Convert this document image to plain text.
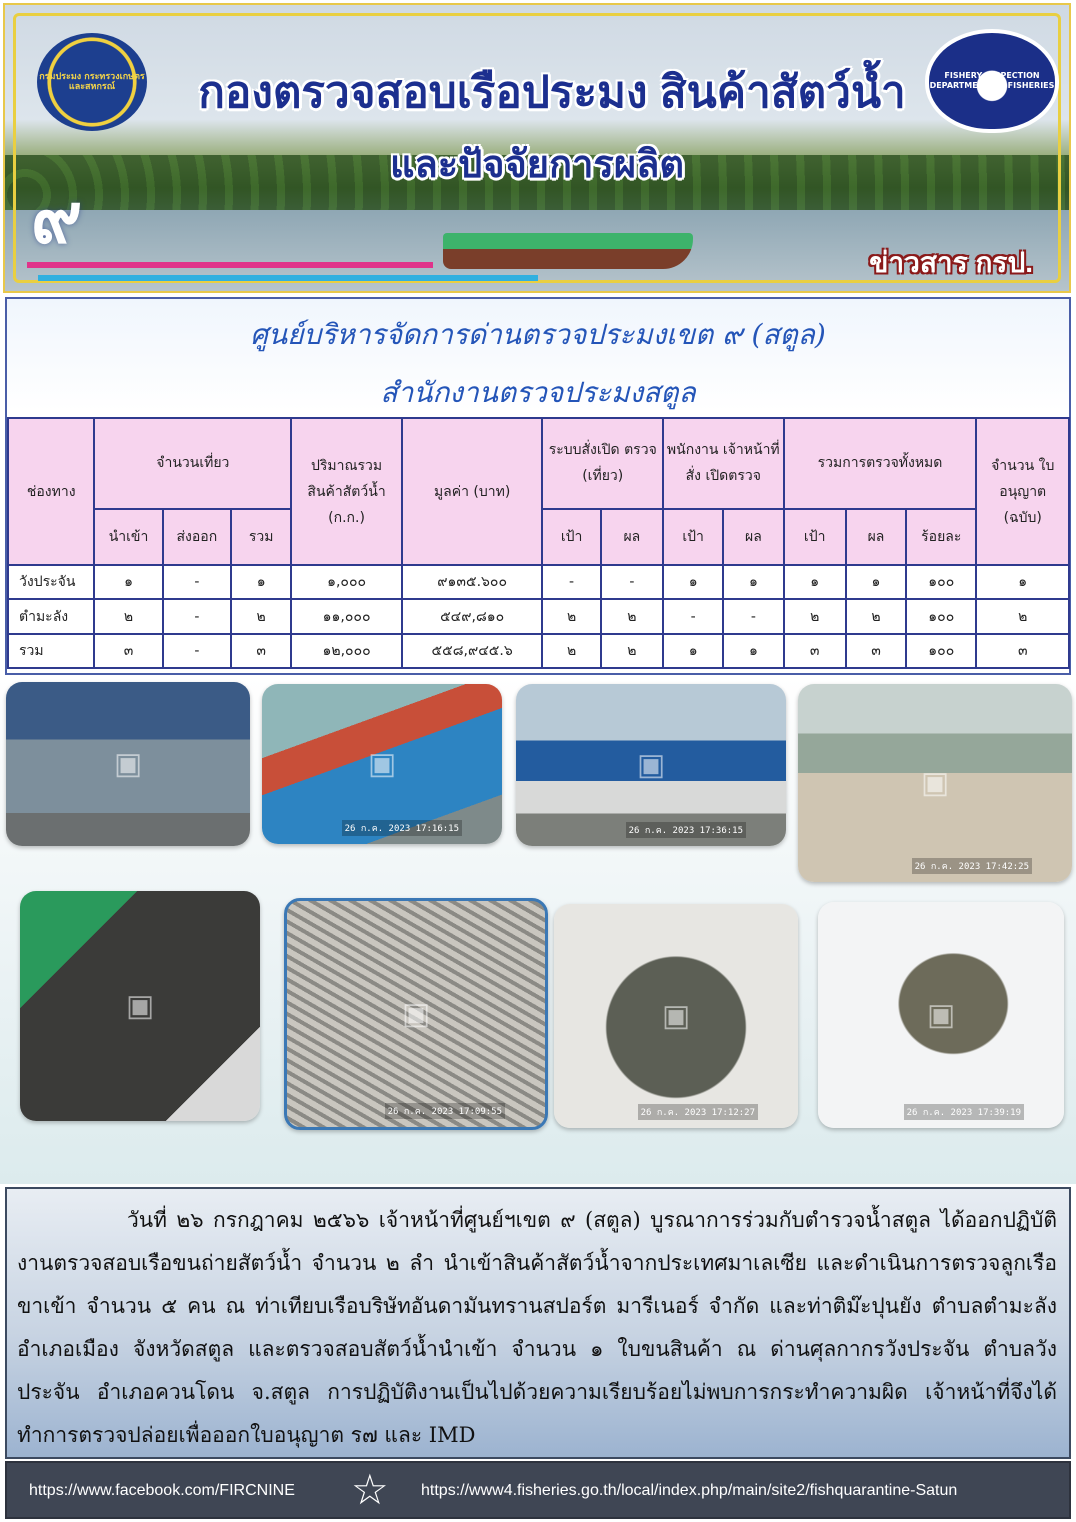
กรมประมง กระทรวงเกษตรและสหกรณ์
FISHERY INSPECTION DEPARTMENT OF FISHERIES
กองตรวจสอบเรือประมง สินค้าสัตว์น้ำ
และปัจจัยการผลิต
๙
ข่าวสาร กรป.
ศูนย์บริหารจัดการด่านตรวจประมงเขต ๙ (สตูล)
สำนักงานตรวจประมงสตูล
ช่องทาง	จำนวนเที่ยว			ปริมาณรวม สินค้าสัตว์น้ำ (ก.ก.)	มูลค่า (บาท)	ระบบสั่งเปิด ตรวจ (เที่ยว)		พนักงาน เจ้าหน้าที่สั่ง เปิดตรวจ		รวมการตรวจทั้งหมด			จำนวน ใบอนุญาต (ฉบับ)
	นำเข้า	ส่งออก	รวม			เป้า	ผล	เป้า	ผล	เป้า	ผล	ร้อยละ	
วังประจัน	๑	-	๑	๑,๐๐๐	๙๑๓๕.๖๐๐	-	-	๑	๑	๑	๑	๑๐๐	๑
ตำมะลัง	๒	-	๒	๑๑,๐๐๐	๕๔๙,๘๑๐	๒	๒	-	-	๒	๒	๑๐๐	๒
รวม	๓	-	๓	๑๒,๐๐๐	๕๕๘,๙๔๕.๖	๒	๒	๑	๑	๓	๓	๑๐๐	๓
▣	▣
26 ก.ค. 2023 17:16:15
▣
26 ก.ค. 2023 17:36:15
▣
26 ก.ค. 2023 17:42:25
▣	▣
26 ก.ค. 2023 17:09:55
▣
26 ก.ค. 2023 17:12:27
▣
26 ก.ค. 2023 17:39:19
วันที่ ๒๖ กรกฎาคม ๒๕๖๖ เจ้าหน้าที่ศูนย์ฯเขต ๙ (สตูล) บูรณาการร่วมกับตำรวจน้ำสตูล ได้ออกปฏิบัติงานตรวจสอบเรือขนถ่ายสัตว์น้ำ จำนวน ๒ ลำ นำเข้าสินค้าสัตว์น้ำจากประเทศมาเลเซีย และดำเนินการตรวจลูกเรือขาเข้า จำนวน ๕ คน ณ ท่าเทียบเรือบริษัทอันดามันทรานสปอร์ต มารีเนอร์ จำกัด และท่าติม๊ะปุนยัง ตำบลตำมะลัง อำเภอเมือง จังหวัดสตูล และตรวจสอบสัตว์น้ำนำเข้า จำนวน ๑ ใบขนสินค้า ณ ด่านศุลกากรวังประจัน ตำบลวังประจัน อำเภอควนโดน จ.สตูล การปฏิบัติงานเป็นไปด้วยความเรียบร้อยไม่พบการกระทำความผิด เจ้าหน้าที่จึงได้ทำการตรวจปล่อยเพื่อออกใบอนุญาต ร๗ และ IMD
https://www.facebook.com/FIRCNINE ☆ https://www4.fisheries.go.th/local/index.php/main/site2/fishquarantine-Satun
